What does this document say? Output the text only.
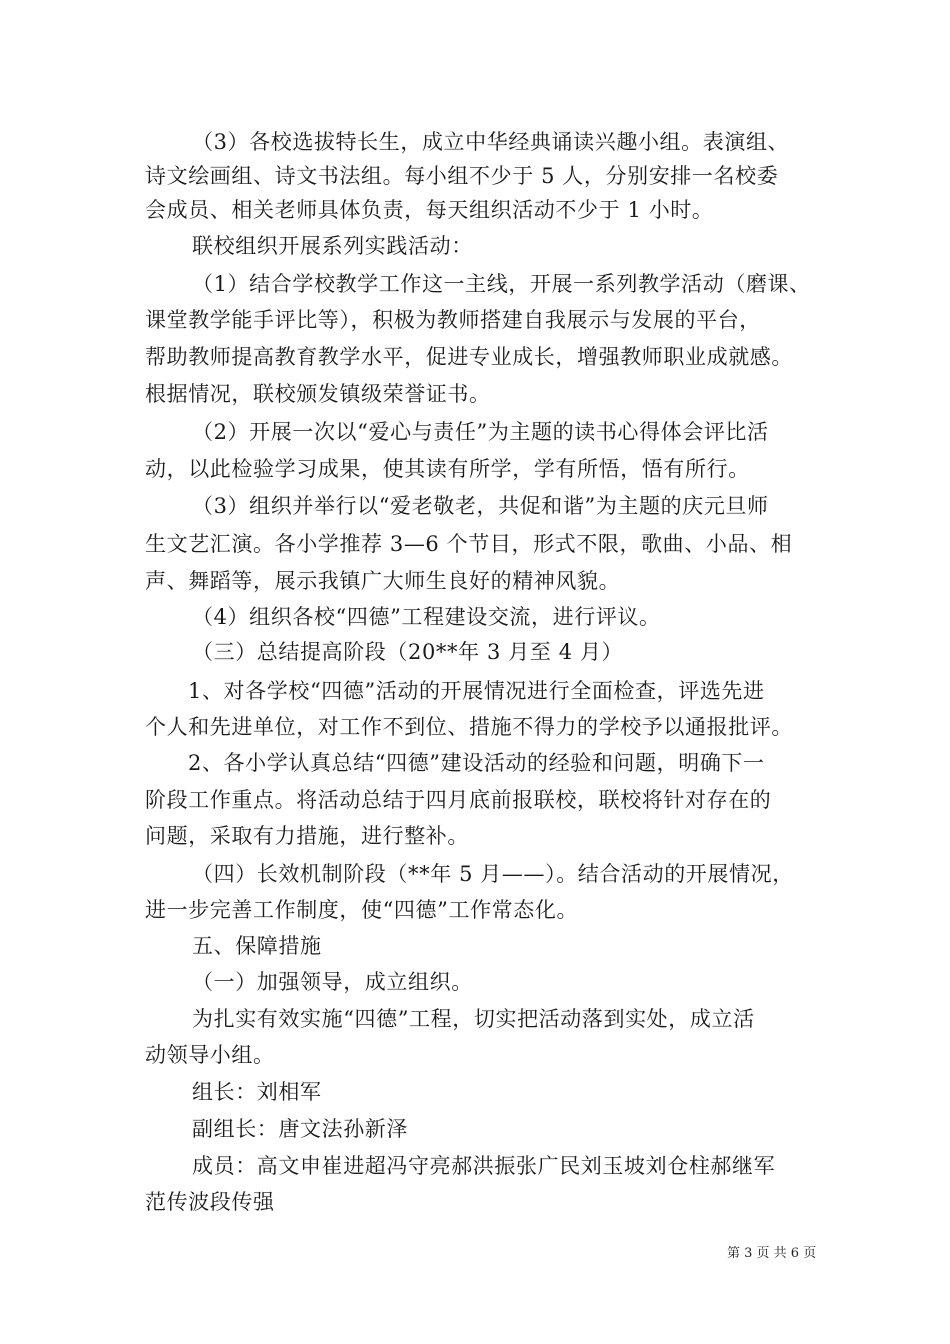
（3）各校选拔特长生，成立中华经典诵读兴趣小组。表演组、
诗文绘画组、诗文书法组。每小组不少于 5 人，分别安排一名校委
会成员、相关老师具体负责，每天组织活动不少于 1 小时。
联校组织开展系列实践活动：
（1）结合学校教学工作这一主线，开展一系列教学活动（磨课、
课堂教学能手评比等），积极为教师搭建自我展示与发展的平台，
帮助教师提高教育教学水平，促进专业成长，增强教师职业成就感。
根据情况，联校颁发镇级荣誉证书。
（2）开展一次以“爱心与责任”为主题的读书心得体会评比活
动，以此检验学习成果，使其读有所学，学有所悟，悟有所行。
（3）组织并举行以“爱老敬老，共促和谐”为主题的庆元旦师
生文艺汇演。各小学推荐 3—6 个节目，形式不限，歌曲、小品、相
声、舞蹈等，展示我镇广大师生良好的精神风貌。
（4）组织各校“四德”工程建设交流，进行评议。
（三）总结提高阶段（20**年 3 月至 4 月）
1、对各学校“四德”活动的开展情况进行全面检查，评选先进
个人和先进单位，对工作不到位、措施不得力的学校予以通报批评。
2、各小学认真总结“四德”建设活动的经验和问题，明确下一
阶段工作重点。将活动总结于四月底前报联校，联校将针对存在的
问题，采取有力措施，进行整补。
（四）长效机制阶段（**年 5 月——）。结合活动的开展情况，
进一步完善工作制度，使“四德”工作常态化。
五、保障措施
（一）加强领导，成立组织。
为扎实有效实施“四德”工程，切实把活动落到实处，成立活
动领导小组。
组长：刘相军
副组长：唐文法孙新泽
成员：高文申崔进超冯守亮郝洪振张广民刘玉坡刘仓柱郝继军
范传波段传强
第 3 页 共 6 页
